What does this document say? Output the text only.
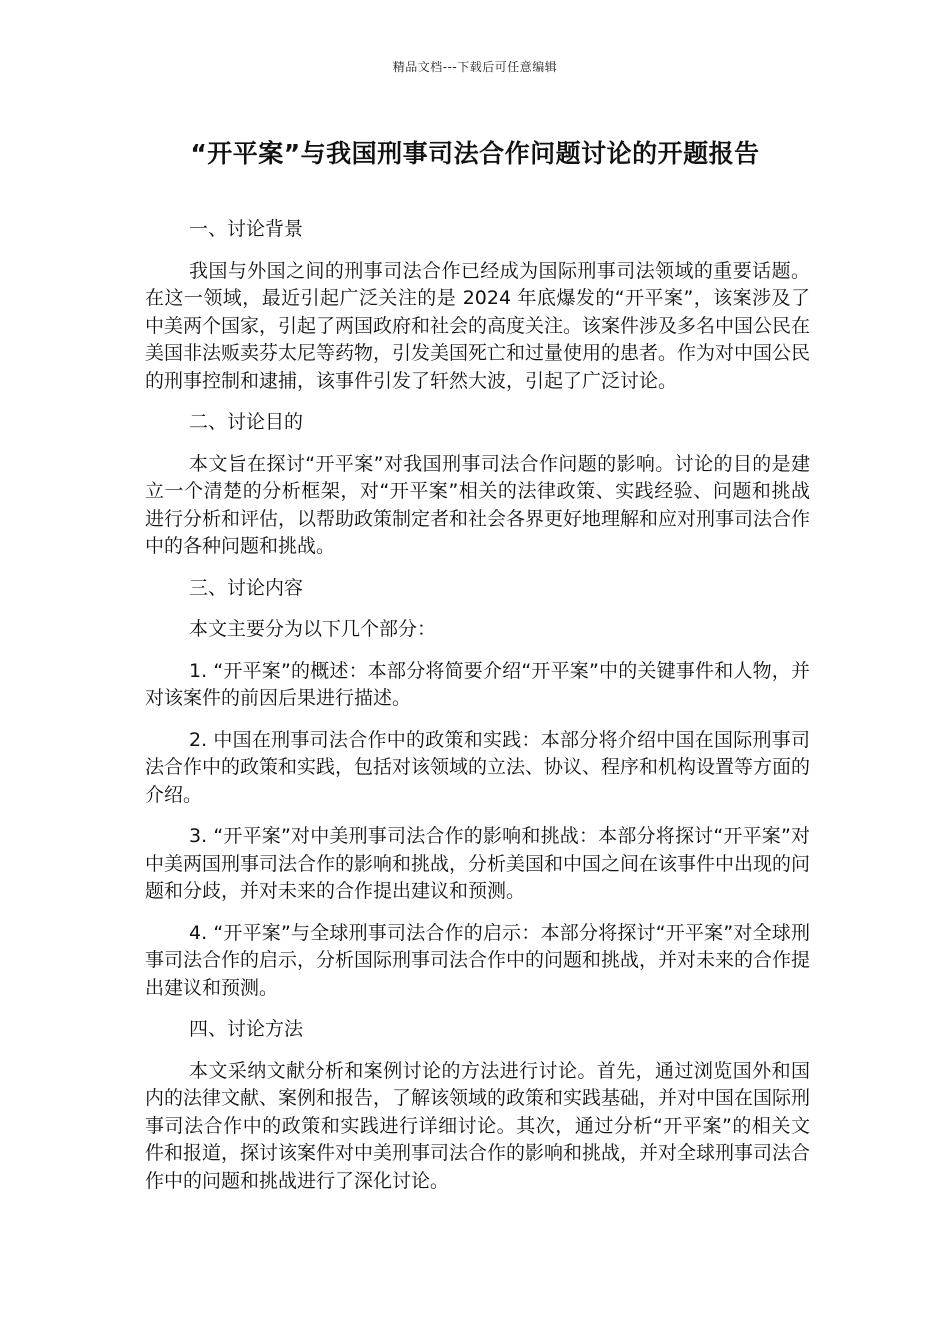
精品文档---下载后可任意编辑
“开平案”与我国刑事司法合作问题讨论的开题报告
一、讨论背景
我国与外国之间的刑事司法合作已经成为国际刑事司法领域的重要话题。在这一领域，最近引起广泛关注的是 2024 年底爆发的“开平案”，该案涉及了中美两个国家，引起了两国政府和社会的高度关注。该案件涉及多名中国公民在美国非法贩卖芬太尼等药物，引发美国死亡和过量使用的患者。作为对中国公民的刑事控制和逮捕，该事件引发了轩然大波，引起了广泛讨论。
二、讨论目的
本文旨在探讨“开平案”对我国刑事司法合作问题的影响。讨论的目的是建立一个清楚的分析框架，对“开平案”相关的法律政策、实践经验、问题和挑战进行分析和评估，以帮助政策制定者和社会各界更好地理解和应对刑事司法合作中的各种问题和挑战。
三、讨论内容
本文主要分为以下几个部分：
1. “开平案”的概述：本部分将简要介绍“开平案”中的关键事件和人物，并对该案件的前因后果进行描述。
2. 中国在刑事司法合作中的政策和实践：本部分将介绍中国在国际刑事司法合作中的政策和实践，包括对该领域的立法、协议、程序和机构设置等方面的介绍。
3. “开平案”对中美刑事司法合作的影响和挑战：本部分将探讨“开平案”对中美两国刑事司法合作的影响和挑战，分析美国和中国之间在该事件中出现的问题和分歧，并对未来的合作提出建议和预测。
4. “开平案”与全球刑事司法合作的启示：本部分将探讨“开平案”对全球刑事司法合作的启示，分析国际刑事司法合作中的问题和挑战，并对未来的合作提出建议和预测。
四、讨论方法
本文采纳文献分析和案例讨论的方法进行讨论。首先，通过浏览国外和国内的法律文献、案例和报告，了解该领域的政策和实践基础，并对中国在国际刑事司法合作中的政策和实践进行详细讨论。其次，通过分析“开平案”的相关文件和报道，探讨该案件对中美刑事司法合作的影响和挑战，并对全球刑事司法合作中的问题和挑战进行了深化讨论。
